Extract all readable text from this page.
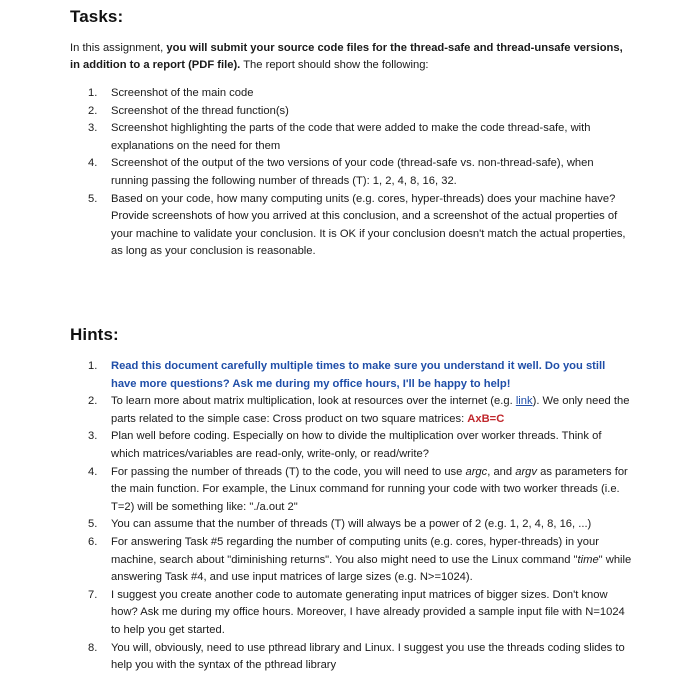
Tasks:

In this assignment, you will submit your source code files for the thread-safe and thread-unsafe versions, in addition to a report (PDF file). The report should show the following:

1. Screenshot of the main code
2. Screenshot of the thread function(s)
3. Screenshot highlighting the parts of the code that were added to make the code thread-safe, with explanations on the need for them
4. Screenshot of the output of the two versions of your code (thread-safe vs. non-thread-safe), when running passing the following number of threads (T): 1, 2, 4, 8, 16, 32.
5. Based on your code, how many computing units (e.g. cores, hyper-threads) does your machine have? Provide screenshots of how you arrived at this conclusion, and a screenshot of the actual properties of your machine to validate your conclusion. It is OK if your conclusion doesn't match the actual properties, as long as your conclusion is reasonable.
Hints:
1. Read this document carefully multiple times to make sure you understand it well. Do you still have more questions? Ask me during my office hours, I'll be happy to help!
2. To learn more about matrix multiplication, look at resources over the internet (e.g. link). We only need the parts related to the simple case: Cross product on two square matrices: AxB=C
3. Plan well before coding. Especially on how to divide the multiplication over worker threads. Think of which matrices/variables are read-only, write-only, or read/write?
4. For passing the number of threads (T) to the code, you will need to use argc, and argv as parameters for the main function. For example, the Linux command for running your code with two worker threads (i.e. T=2) will be something like: "./a.out 2"
5. You can assume that the number of threads (T) will always be a power of 2 (e.g. 1, 2, 4, 8, 16, ...)
6. For answering Task #5 regarding the number of computing units (e.g. cores, hyper-threads) in your machine, search about "diminishing returns". You also might need to use the Linux command "time" while answering Task #4, and use input matrices of large sizes (e.g. N>=1024).
7. I suggest you create another code to automate generating input matrices of bigger sizes. Don't know how? Ask me during my office hours. Moreover, I have already provided a sample input file with N=1024 to help you get started.
8. You will, obviously, need to use pthread library and Linux. I suggest you use the threads coding slides to help you with the syntax of the pthread library
